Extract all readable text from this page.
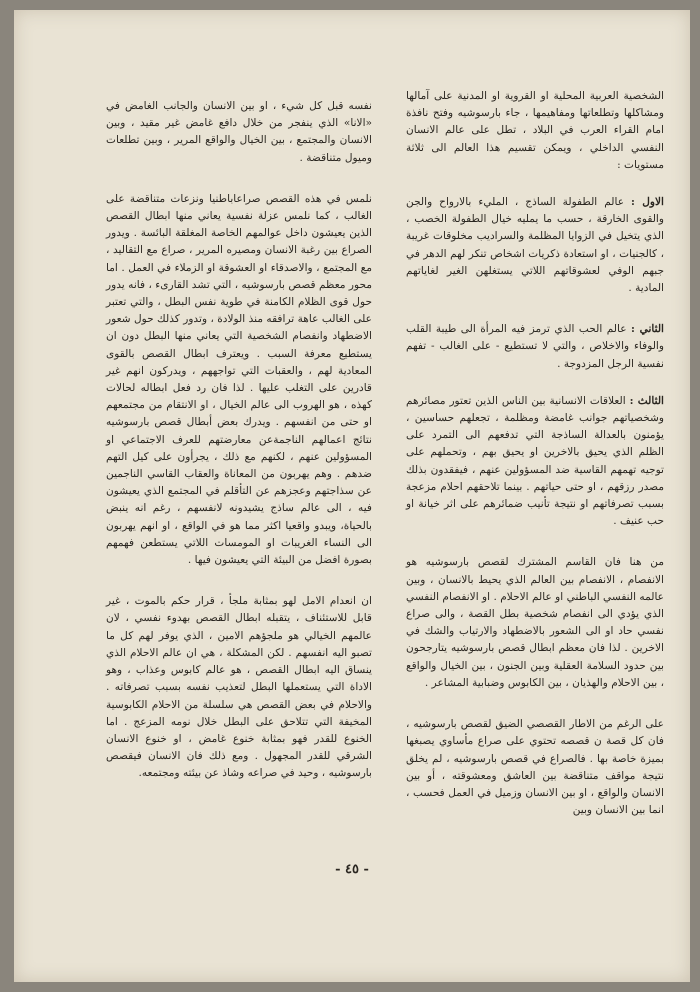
الشخصية العربية المحلية او القروية او المدنية على آمالها ومشاكلها وتطلعاتها ومفاهيمها ، جاء بارسوشيه وفتح نافذة امام القراء العرب في البلاد ، تطل على عالم الانسان النفسي الداخلي ، ويمكن تقسيم هذا العالم الى ثلاثة مستويات :

الاول : عالم الطفولة الساذج ، المليء بالارواح والجن والقوى الخارقة ، حسب ما يمليه خيال الطفولة الخصب ، الذي يتخيل في الزوايا المظلمة والسراديب مخلوقات غريبة ، كالجنيات ، او استعادة ذكريات اشخاص تنكر لهم الدهر في جبهم الوفي لعشوقاتهم اللاتي يستغلهن الغير لغاياتهم المادية .

الثاني : عالم الحب الذي ترمز فيه المرأة الى طيبة القلب والوفاء والاخلاص ، والتي لا تستطيع - على الغالب - تفهم نفسية الرجل المزدوجة .

الثالث : العلاقات الانسانية بين الناس الذين تعتور مصائرهم وشخصياتهم جوانب غامضة ومظلمة ، تجعلهم حساسين ، يؤمنون بالعدالة الساذجة التي تدفعهم الى التمرد على الظلم الذي يحيق بالاخرين او يحيق بهم ، وتحملهم على توجيه تهمهم القاسية ضد المسؤولين عنهم ، فيفقدون بذلك مصدر رزقهم ، او حتى حياتهم . بينما تلاحقهم احلام مزعجة بسبب تصرفاتهم او نتيجة تأنيب ضمائرهم على اثر خيانة او حب عنيف .

من هنا فان القاسم المشترك لقصص بارسوشيه هو الانفصام ، الانفصام بين العالم الذي يحيط بالانسان ، وبين عالمه النفسي الباطني او عالم الاحلام . او الانفصام النفسي الذي يؤدي الى انفصام شخصية بطل القصة ، والى صراع نفسي حاد او الى الشعور بالاضطهاد والارتياب والشك في الاخرين . لذا فان معظم ابطال قصص بارسوشيه يتارجحون بين حدود السلامة العقلية وبين الجنون ، بين الخيال والواقع ، بين الاحلام والهذيان ، بين الكابوس وضبابية المشاعر .

على الرغم من الاطار القصصي الضيق لقصص بارسوشيه ، فان كل قصة ن قصصه تحتوي على صراع مأساوي يصبغها بميزة خاصة بها . فالصراع في قصص بارسوشيه ، لم يخلق نتيجة مواقف متناقضة بين العاشق ومعشوقته ، أو بين الانسان والواقع ، او بين الانسان وزميل في العمل فحسب ، انما بين الانسان وبين

نفسه قبل كل شيء ، او بين الانسان والجانب الغامض في «الانا» الذي ينفجر من خلال دافع غامض غير مقيد ، وبين الانسان والمجتمع ، بين الخيال والواقع المرير ، وبين تطلعات وميول متناقضة .

نلمس في هذه القصص صراعاباطنيا ونزعات متناقضة على الغالب ، كما نلمس عزلة نفسية يعاني منها ابطال القصص الذين يعيشون داخل عوالمهم الخاصة المغلقة البائسة . ويدور الصراع بين رغبة الانسان ومصيره المرير ، صراع مع التقاليد ، مع المجتمع ، والاصدقاء او العشوقة او الزملاء في العمل . اما محور معظم قصص بارسوشيه ، التي تشد القارىء ، فانه يدور حول قوى الظلام الكامنة في طوية نفس البطل ، والتي تعتبر على الغالب عاهة ترافقه منذ الولادة ، وتدور كذلك حول شعور الاضطهاد وانفصام الشخصية التي يعاني منها البطل دون ان يستطيع معرفة السبب . ويعترف ابطال القصص بالقوى المعادية لهم ، والعقبات التي تواجههم ، ويدركون انهم غير قادرين على التغلب عليها . لذا فان رد فعل ابطاله لحالات كهذه ، هو الهروب الى عالم الخيال ، او الانتقام من مجتمعهم او حتى من انفسهم . ويدرك بعض أبطال قصص بارسوشيه نتائج اعمالهم الناجمةعن معارضتهم للعرف الاجتماعي او المسؤولين عنهم ، لكنهم مع ذلك ، يجرأون على كيل التهم ضدهم . وهم يهربون من المعاناة والعقاب القاسي الناجمين عن سذاجتهم وعجزهم عن التأقلم في المجتمع الذي يعيشون فيه ، الى عالم ساذج يشيدونه لانفسهم ، رغم انه ينبض بالحياة، ويبدو واقعيا اكثر مما هو في الواقع ، او انهم يهربون الى النساء الغريبات او المومسات اللاتي يستطعن فهمهم بصورة افضل من البيئة التي يعيشون فيها .

ان انعدام الامل لهو بمثابة ملجأ ، قرار حكم بالموت ، غير قابل للاستئناف ، يتقبله ابطال القصص بهدوء نفسي ، لان عالمهم الخيالي هو ملجؤهم الامين ، الذي يوفر لهم كل ما تصبو اليه انفسهم . لكن المشكلة ، هي ان عالم الاحلام الذي ينساق اليه ابطال القصص ، هو عالم كابوس وعذاب ، وهو الاداة التي يستعملها البطل لتعذيب نفسه بسبب تصرفاته . والاحلام في بعض القصص هي سلسلة من الاحلام الكابوسية المخيفة التي تتلاحق على البطل خلال نومه المزعج . اما الخنوع للقدر فهو بمثابة خنوع غامض ، او خنوع الانسان الشرقي للقدر المجهول . ومع ذلك فان الانسان فيقصص بارسوشيه ، وحيد في صراعه وشاذ عن بيئته ومجتمعه.

- ٤٥ -
